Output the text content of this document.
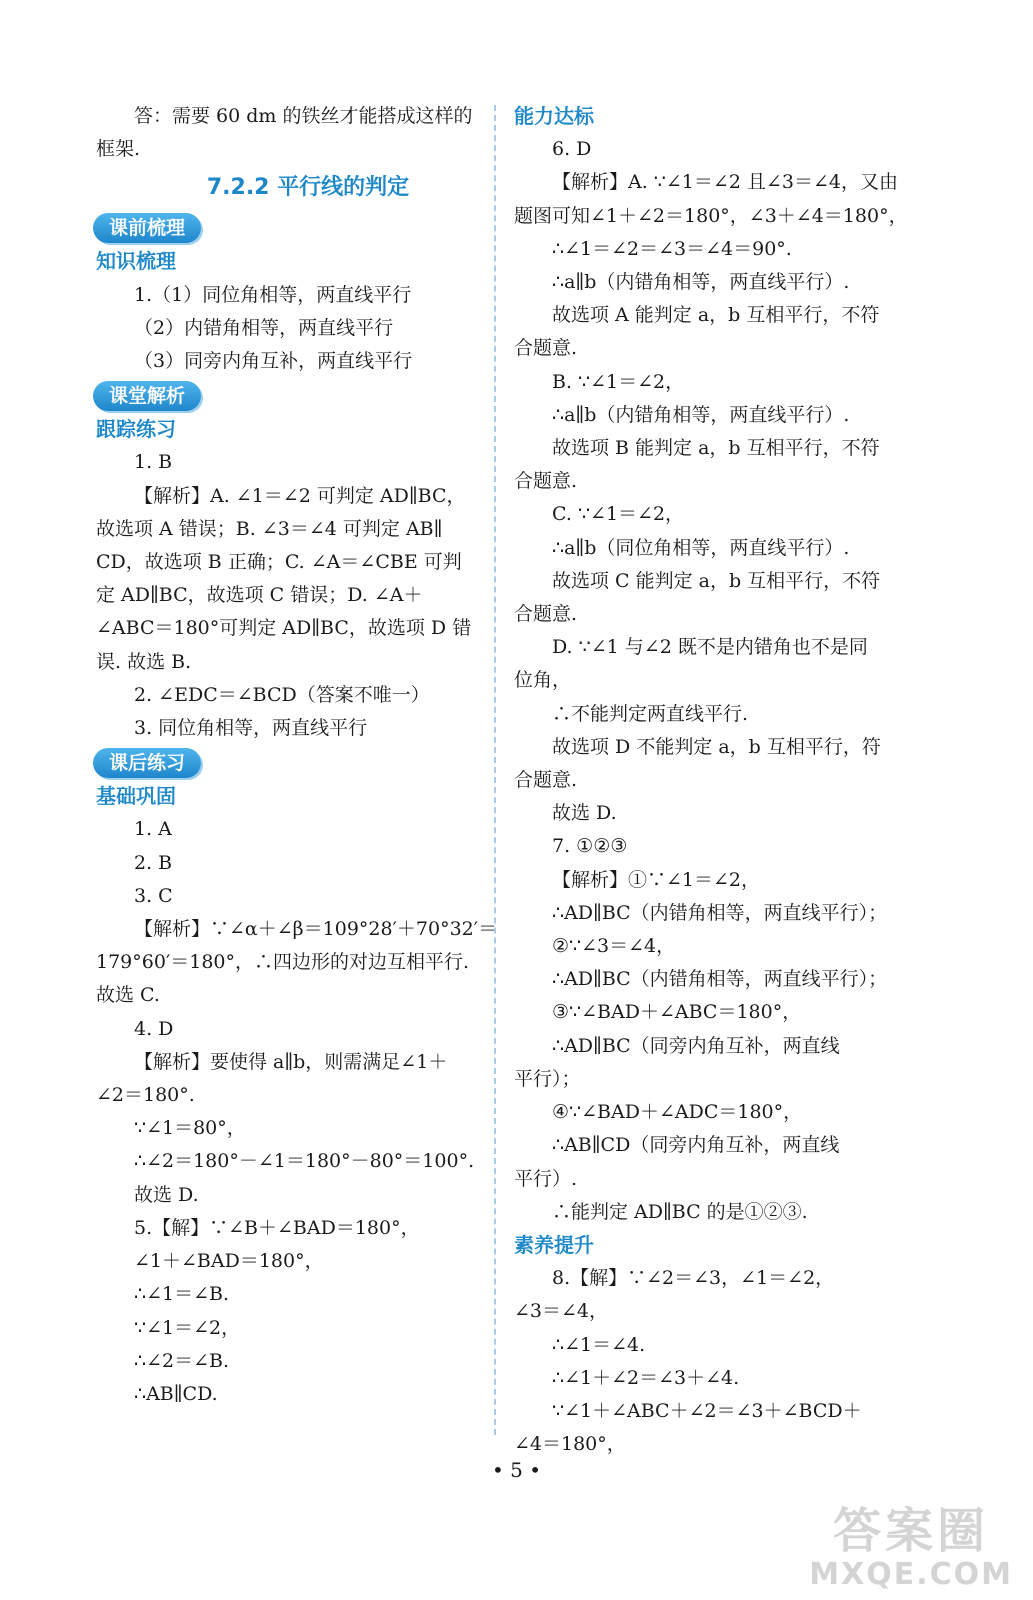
答：需要 60 dm 的铁丝才能搭成这样的
框架.
7.2.2 平行线的判定
课前梳理
知识梳理
1.（1）同位角相等，两直线平行
（2）内错角相等，两直线平行
（3）同旁内角互补，两直线平行
课堂解析
跟踪练习
1. B
【解析】A. ∠1＝∠2 可判定 AD∥BC，
故选项 A 错误；B. ∠3＝∠4 可判定 AB∥
CD，故选项 B 正确；C. ∠A＝∠CBE 可判
定 AD∥BC，故选项 C 错误；D. ∠A＋
∠ABC＝180°可判定 AD∥BC，故选项 D 错
误. 故选 B.
2. ∠EDC＝∠BCD（答案不唯一）
3. 同位角相等，两直线平行
课后练习
基础巩固
1. A
2. B
3. C
【解析】∵∠α＋∠β＝109°28′＋70°32′＝
179°60′＝180°，∴四边形的对边互相平行.
故选 C.
4. D
【解析】要使得 a∥b，则需满足∠1＋
∠2＝180°.
∵∠1＝80°，
∴∠2＝180°－∠1＝180°－80°＝100°.
故选 D.
5.【解】∵∠B＋∠BAD＝180°，
∠1＋∠BAD＝180°，
∴∠1＝∠B.
∵∠1＝∠2，
∴∠2＝∠B.
∴AB∥CD.
能力达标
6. D
【解析】A. ∵∠1＝∠2 且∠3＝∠4，又由
题图可知∠1＋∠2＝180°，∠3＋∠4＝180°，
∴∠1＝∠2＝∠3＝∠4＝90°.
∴a∥b（内错角相等，两直线平行）.
故选项 A 能判定 a，b 互相平行，不符
合题意.
B. ∵∠1＝∠2，
∴a∥b（内错角相等，两直线平行）.
故选项 B 能判定 a，b 互相平行，不符
合题意.
C. ∵∠1＝∠2，
∴a∥b（同位角相等，两直线平行）.
故选项 C 能判定 a，b 互相平行，不符
合题意.
D. ∵∠1 与∠2 既不是内错角也不是同
位角，
∴不能判定两直线平行.
故选项 D 不能判定 a，b 互相平行，符
合题意.
故选 D.
7. ①②③
【解析】①∵∠1＝∠2，
∴AD∥BC（内错角相等，两直线平行）；
②∵∠3＝∠4，
∴AD∥BC（内错角相等，两直线平行）；
③∵∠BAD＋∠ABC＝180°，
∴AD∥BC（同旁内角互补，两直线
平行）；
④∵∠BAD＋∠ADC＝180°，
∴AB∥CD（同旁内角互补，两直线
平行）.
∴能判定 AD∥BC 的是①②③.
素养提升
8.【解】∵∠2＝∠3，∠1＝∠2，
∠3＝∠4，
∴∠1＝∠4.
∴∠1＋∠2＝∠3＋∠4.
∵∠1＋∠ABC＋∠2＝∠3＋∠BCD＋
∠4＝180°，
• 5 •
答案圈
MXQE.COM
